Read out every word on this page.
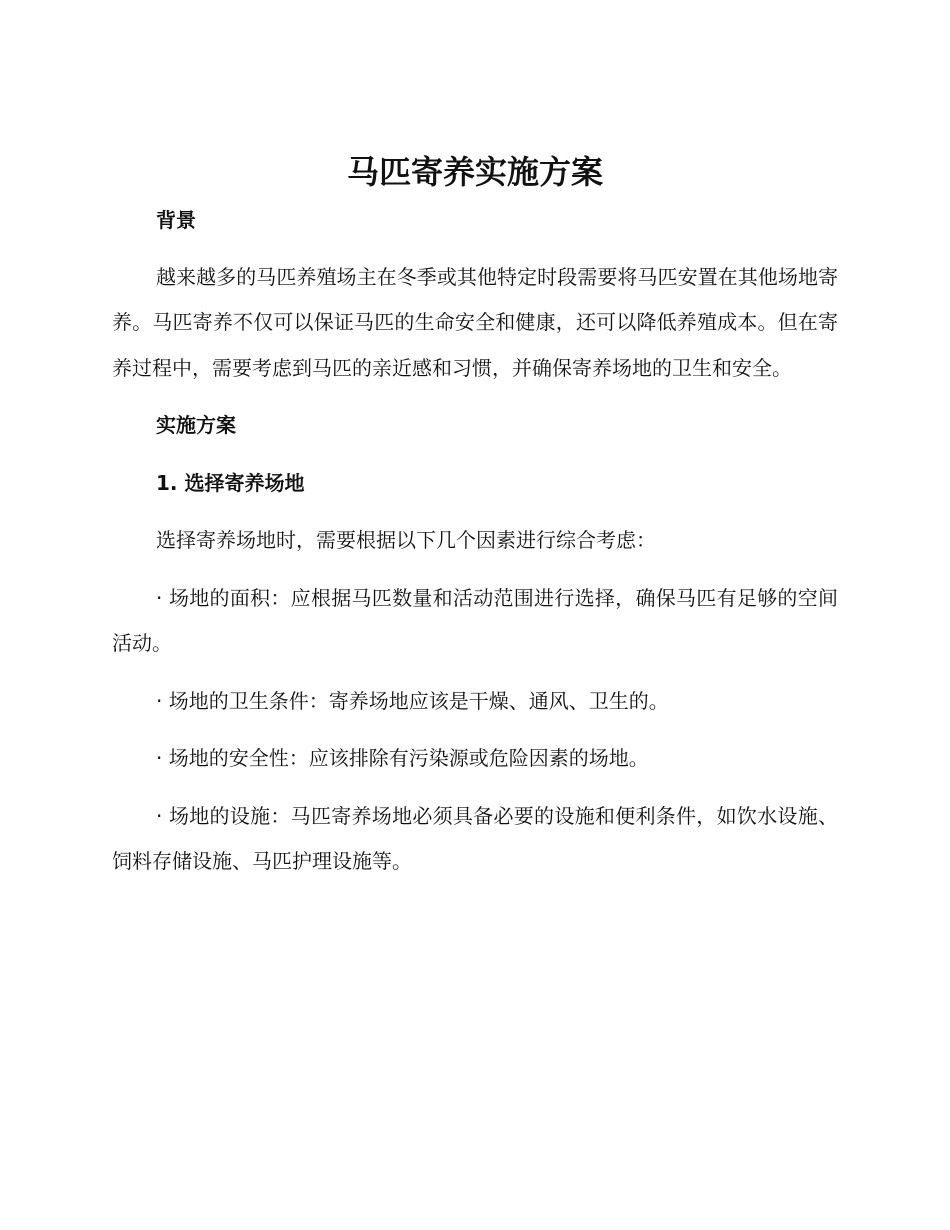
马匹寄养实施方案

背景

越来越多的马匹养殖场主在冬季或其他特定时段需要将马匹安置在其他场地寄养。马匹寄养不仅可以保证马匹的生命安全和健康，还可以降低养殖成本。但在寄养过程中，需要考虑到马匹的亲近感和习惯，并确保寄养场地的卫生和安全。

实施方案

1. 选择寄养场地

选择寄养场地时，需要根据以下几个因素进行综合考虑：

· 场地的面积：应根据马匹数量和活动范围进行选择，确保马匹有足够的空间活动。

· 场地的卫生条件：寄养场地应该是干燥、通风、卫生的。

· 场地的安全性：应该排除有污染源或危险因素的场地。

· 场地的设施：马匹寄养场地必须具备必要的设施和便利条件，如饮水设施、饲料存储设施、马匹护理设施等。
